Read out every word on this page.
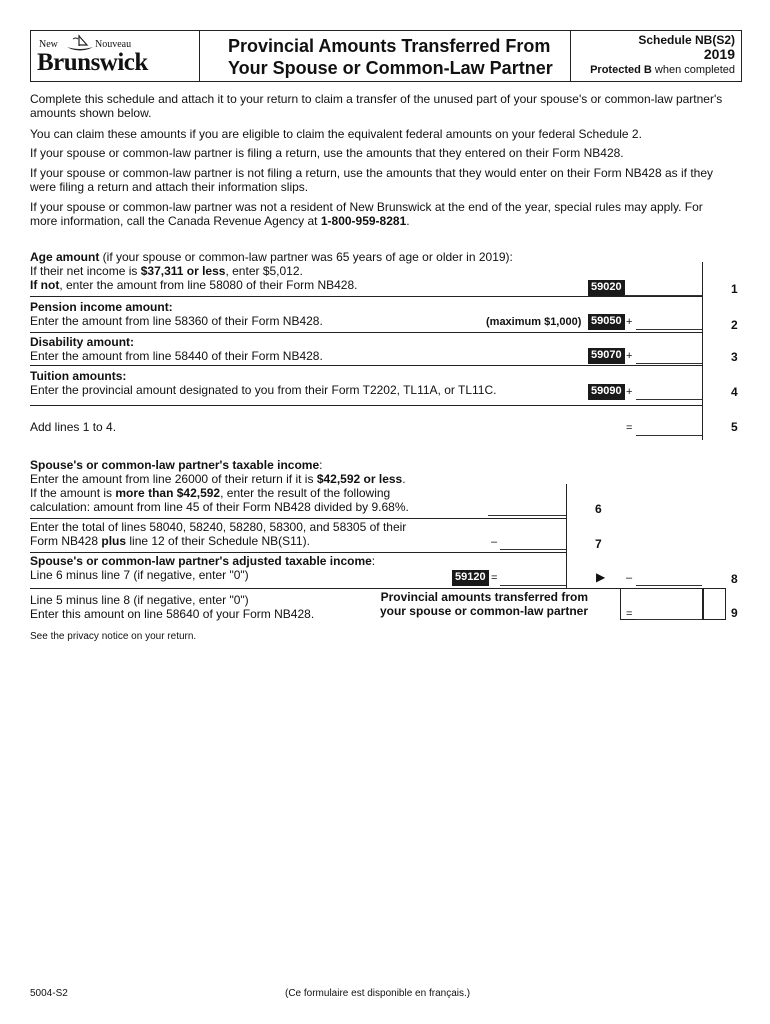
New	Nouveau
Brunswick
Provincial Amounts Transferred From
Your Spouse or Common-Law Partner
Schedule NB(S2)
2019
Protected B when completed
Complete this schedule and attach it to your return to claim a transfer of the unused part of your spouse's or common-law partner's amounts shown below.
You can claim these amounts if you are eligible to claim the equivalent federal amounts on your federal Schedule 2.
If your spouse or common-law partner is filing a return, use the amounts that they entered on their Form NB428.
If your spouse or common-law partner is not filing a return, use the amounts that they would enter on their Form NB428 as if they were filing a return and attach their information slips.
If your spouse or common-law partner was not a resident of New Brunswick at the end of the year, special rules may apply. For more information, call the Canada Revenue Agency at 1-800-959-8281.
Age amount (if your spouse or common-law partner was 65 years of age or older in 2019):
If their net income is $37,311 or less, enter $5,012.
If not, enter the amount from line 58080 of their Form NB428.	59020	1
Pension income amount:
Enter the amount from line 58360 of their Form NB428.	(maximum $1,000) 59050 +	2
Disability amount:
Enter the amount from line 58440 of their Form NB428.	59070 +	3
Tuition amounts:
Enter the provincial amount designated to you from their Form T2202, TL11A, or TL11C.	59090 +	4
Add lines 1 to 4.	=	5
Spouse's or common-law partner's taxable income:
Enter the amount from line 26000 of their return if it is $42,592 or less.
If the amount is more than $42,592, enter the result of the following
calculation: amount from line 45 of their Form NB428 divided by 9.68%.	6
Enter the total of lines 58040, 58240, 58280, 58300, and 58305 of their
Form NB428 plus line 12 of their Schedule NB(S11).	–	7
Spouse's or common-law partner's adjusted taxable income:
Line 6 minus line 7 (if negative, enter "0")	59120 =	▶ –	8
Line 5 minus line 8 (if negative, enter "0")
Enter this amount on line 58640 of your Form NB428.
Provincial amounts transferred from
your spouse or common-law partner	=	9
See the privacy notice on your return.
5004-S2	(Ce formulaire est disponible en français.)
